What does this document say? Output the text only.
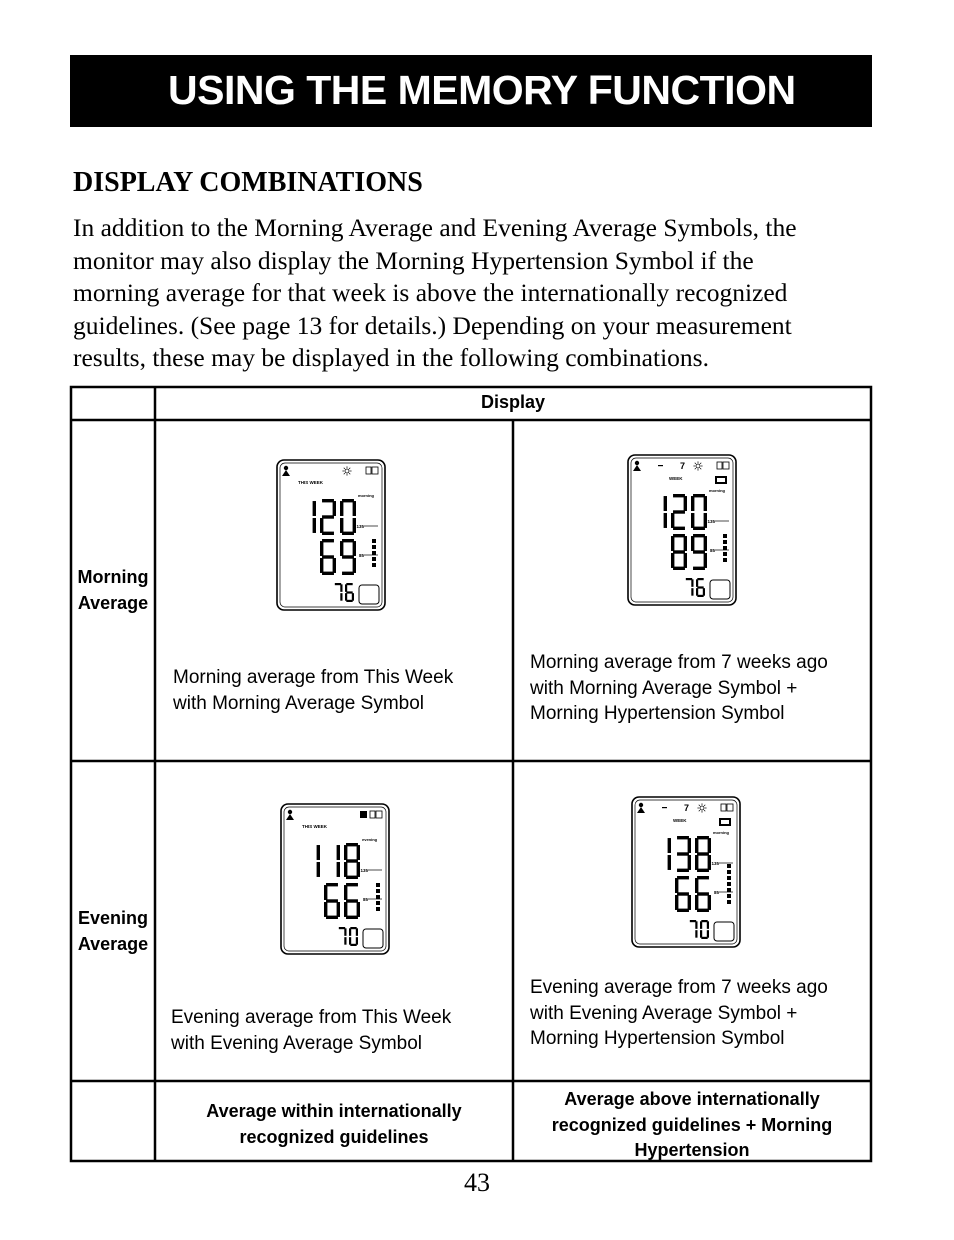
USING THE MEMORY FUNCTION
DISPLAY COMBINATIONS
In addition to the Morning Average and Evening Average Symbols, the
monitor may also display the Morning Hypertension Symbol if the
morning average for that week is above the internationally recognized
guidelines. (See page 13 for details.) Depending on your measurement
results, these may be displayed in the following combinations.
Display
Morning
Average
Evening
Average
Morning average from This Week
with Morning Average Symbol
Morning average from 7 weeks ago
with Morning Average Symbol +
Morning Hypertension Symbol
Evening average from This Week
with Evening Average Symbol
Evening average from 7 weeks ago
with Evening Average Symbol +
Morning Hypertension Symbol
Average within internationally
recognized guidelines
Average above internationally
recognized guidelines + Morning
Hypertension
THIS WEEK
morning
135
85
7
WEEK
morning
135
85
THIS WEEK
evening
135
85
7
WEEK
morning
135
85
43
